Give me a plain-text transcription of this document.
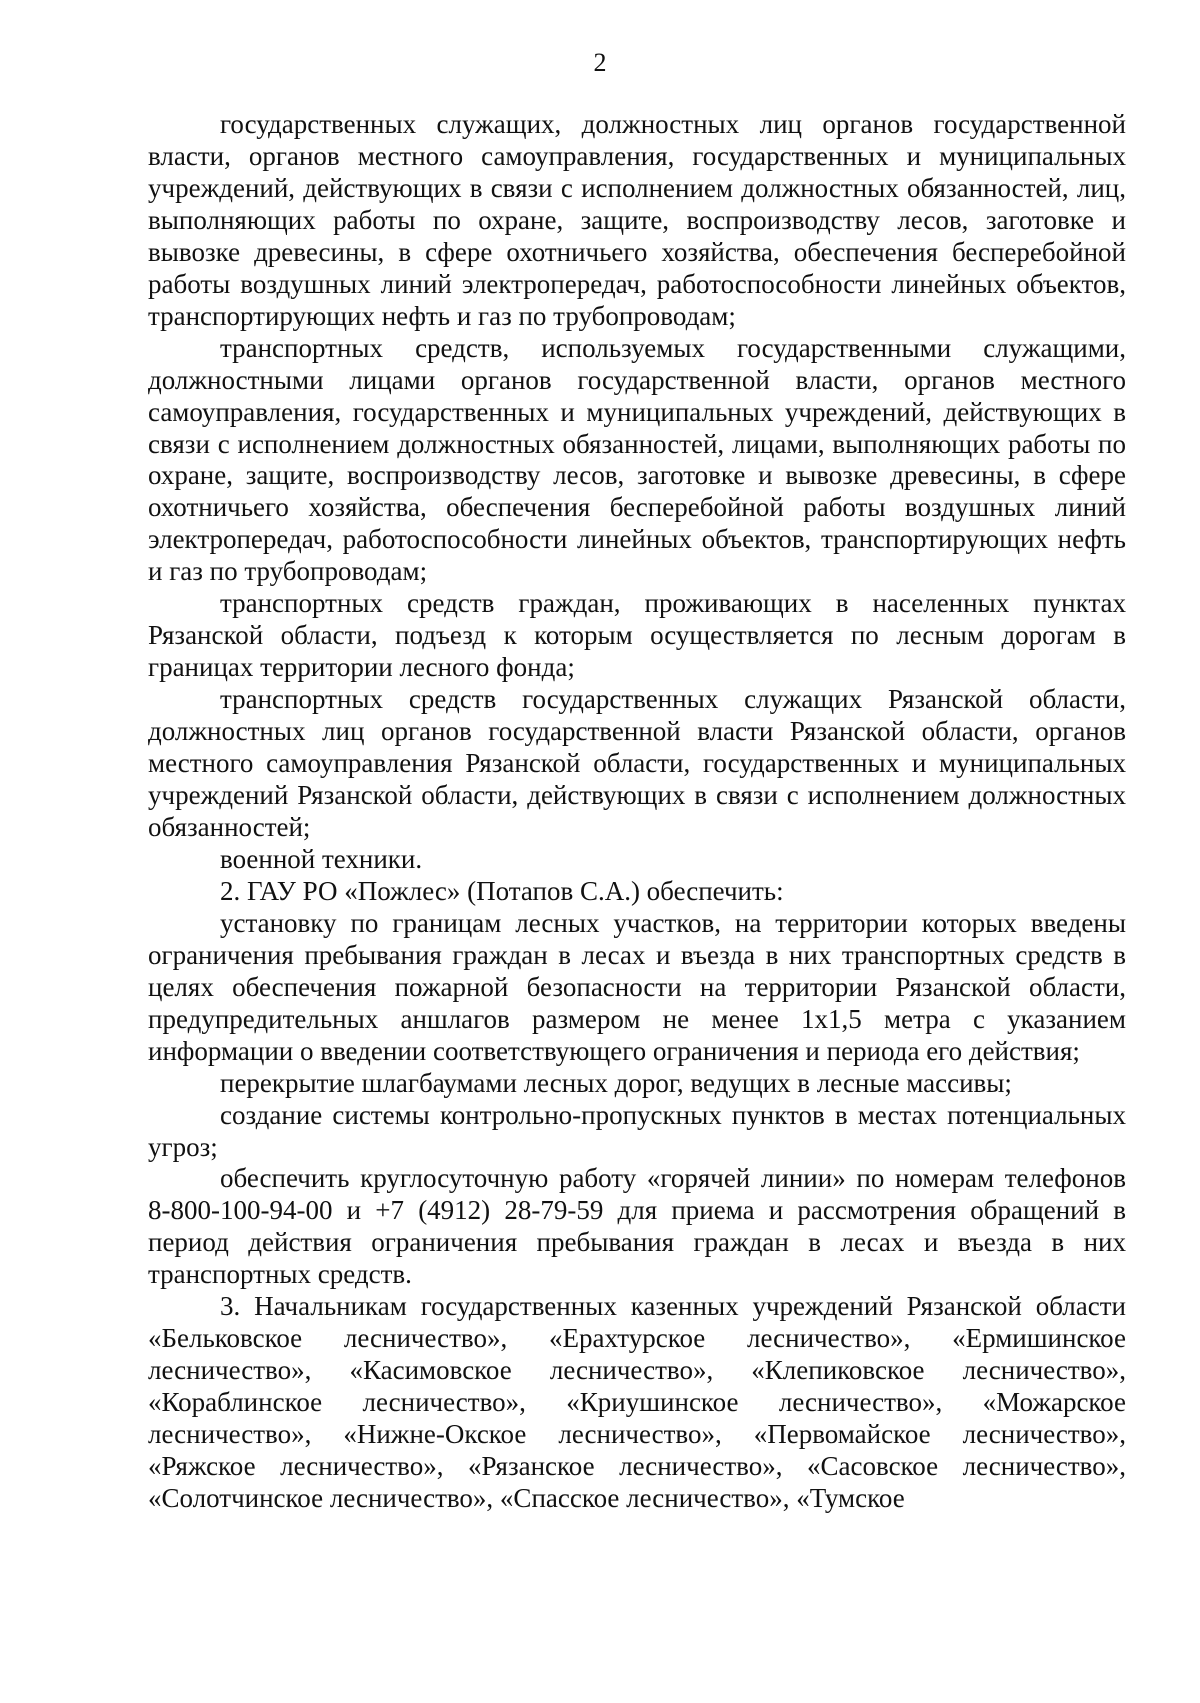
2

государственных служащих, должностных лиц органов государственной власти, органов местного самоуправления, государственных и муниципальных учреждений, действующих в связи с исполнением должностных обязанностей, лиц, выполняющих работы по охране, защите, воспроизводству лесов, заготовке и вывозке древесины, в сфере охотничьего хозяйства, обеспечения бесперебойной работы воздушных линий электропередач, работоспособности линейных объектов, транспортирующих нефть и газ по трубопроводам;

транспортных средств, используемых государственными служащими, должностными лицами органов государственной власти, органов местного самоуправления, государственных и муниципальных учреждений, действующих в связи с исполнением должностных обязанностей, лицами, выполняющих работы по охране, защите, воспроизводству лесов, заготовке и вывозке древесины, в сфере охотничьего хозяйства, обеспечения бесперебойной работы воздушных линий электропередач, работоспособности линейных объектов, транспортирующих нефть и газ по трубопроводам;

транспортных средств граждан, проживающих в населенных пунктах Рязанской области, подъезд к которым осуществляется по лесным дорогам в границах территории лесного фонда;

транспортных средств государственных служащих Рязанской области, должностных лиц органов государственной власти Рязанской области, органов местного самоуправления Рязанской области, государственных и муниципальных учреждений Рязанской области, действующих в связи с исполнением должностных обязанностей;

военной техники.

2. ГАУ РО «Пожлес» (Потапов С.А.) обеспечить:

установку по границам лесных участков, на территории которых введены ограничения пребывания граждан в лесах и въезда в них транспортных средств в целях обеспечения пожарной безопасности на территории Рязанской области, предупредительных аншлагов размером не менее 1х1,5 метра с указанием информации о введении соответствующего ограничения и периода его действия;

перекрытие шлагбаумами лесных дорог, ведущих в лесные массивы;

создание системы контрольно-пропускных пунктов в местах потенциальных угроз;

обеспечить круглосуточную работу «горячей линии» по номерам телефонов 8-800-100-94-00 и +7 (4912) 28-79-59 для приема и рассмотрения обращений в период действия ограничения пребывания граждан в лесах и въезда в них транспортных средств.

3. Начальникам государственных казенных учреждений Рязанской области «Бельковское лесничество», «Ерахтурское лесничество», «Ермишинское лесничество», «Касимовское лесничество», «Клепиковское лесничество», «Кораблинское лесничество», «Криушинское лесничество», «Можарское лесничество», «Нижне-Окское лесничество», «Первомайское лесничество», «Ряжское лесничество», «Рязанское лесничество», «Сасовское лесничество», «Солотчинское лесничество», «Спасское лесничество», «Тумское
